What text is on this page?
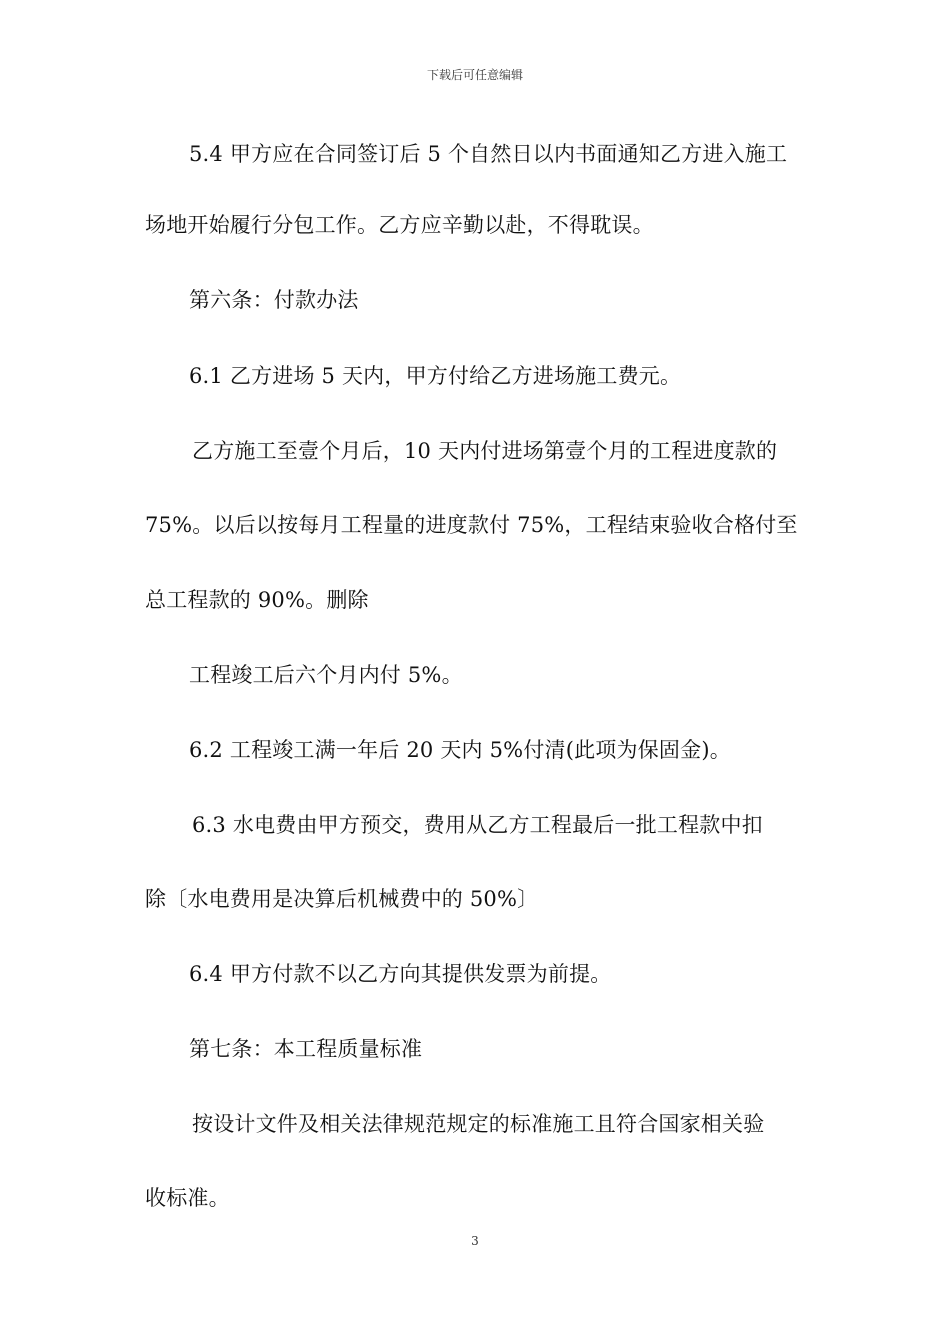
下载后可任意编辑
5.4 甲方应在合同签订后 5 个自然日以内书面通知乙方进入施工
场地开始履行分包工作。乙方应辛勤以赴，不得耽误。
第六条：付款办法
6.1 乙方进场 5 天内，甲方付给乙方进场施工费元。
乙方施工至壹个月后，10 天内付进场第壹个月的工程进度款的
75%。以后以按每月工程量的进度款付 75%，工程结束验收合格付至
总工程款的 90%。删除
工程竣工后六个月内付 5%。
6.2 工程竣工满一年后 20 天内 5%付清(此项为保固金)。
6.3 水电费由甲方预交，费用从乙方工程最后一批工程款中扣
除〔水电费用是决算后机械费中的 50%〕
6.4 甲方付款不以乙方向其提供发票为前提。
第七条：本工程质量标准
按设计文件及相关法律规范规定的标准施工且符合国家相关验
收标准。
3
